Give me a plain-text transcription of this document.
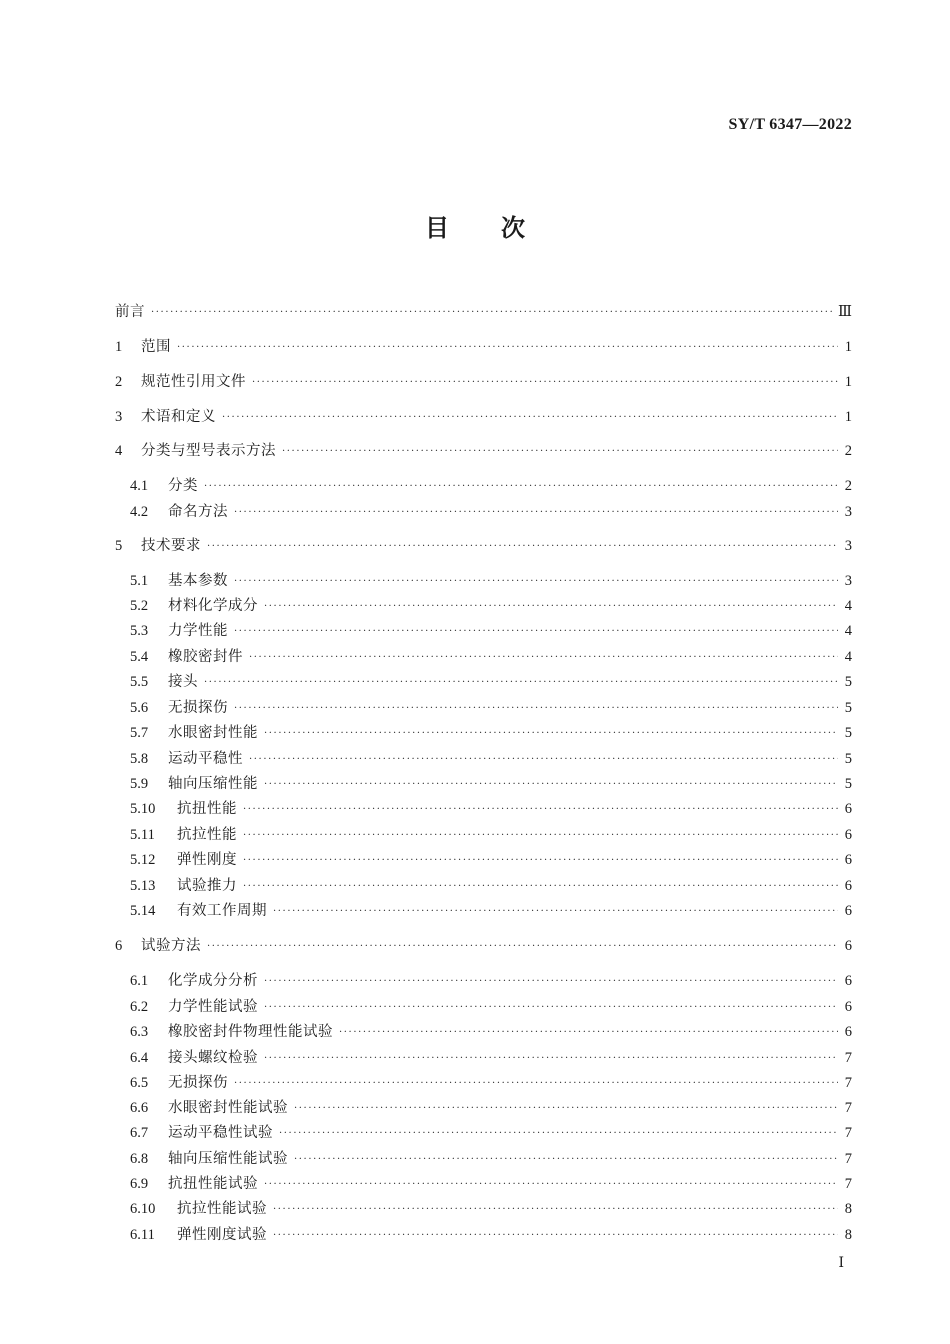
SY/T 6347—2022
目 次
前言 ·····	Ⅲ
1	范围 ·····	1
2	规范性引用文件 ·····	1
3	术语和定义 ·····	1
4	分类与型号表示方法 ·····	2
4.1	分类 ·····	2
4.2	命名方法 ·····	3
5	技术要求 ·····	3
5.1	基本参数 ·····	3
5.2	材料化学成分 ·····	4
5.3	力学性能 ·····	4
5.4	橡胶密封件 ·····	4
5.5	接头 ·····	5
5.6	无损探伤 ·····	5
5.7	水眼密封性能 ·····	5
5.8	运动平稳性 ·····	5
5.9	轴向压缩性能 ·····	5
5.10	抗扭性能 ·····	6
5.11	抗拉性能 ·····	6
5.12	弹性刚度 ·····	6
5.13	试验推力 ·····	6
5.14	有效工作周期 ·····	6
6	试验方法 ·····	6
6.1	化学成分分析 ·····	6
6.2	力学性能试验 ·····	6
6.3	橡胶密封件物理性能试验 ·····	6
6.4	接头螺纹检验 ·····	7
6.5	无损探伤 ·····	7
6.6	水眼密封性能试验 ·····	7
6.7	运动平稳性试验 ·····	7
6.8	轴向压缩性能试验 ·····	7
6.9	抗扭性能试验 ·····	7
6.10	抗拉性能试验 ·····	8
6.11	弹性刚度试验 ·····	8
Ⅰ
